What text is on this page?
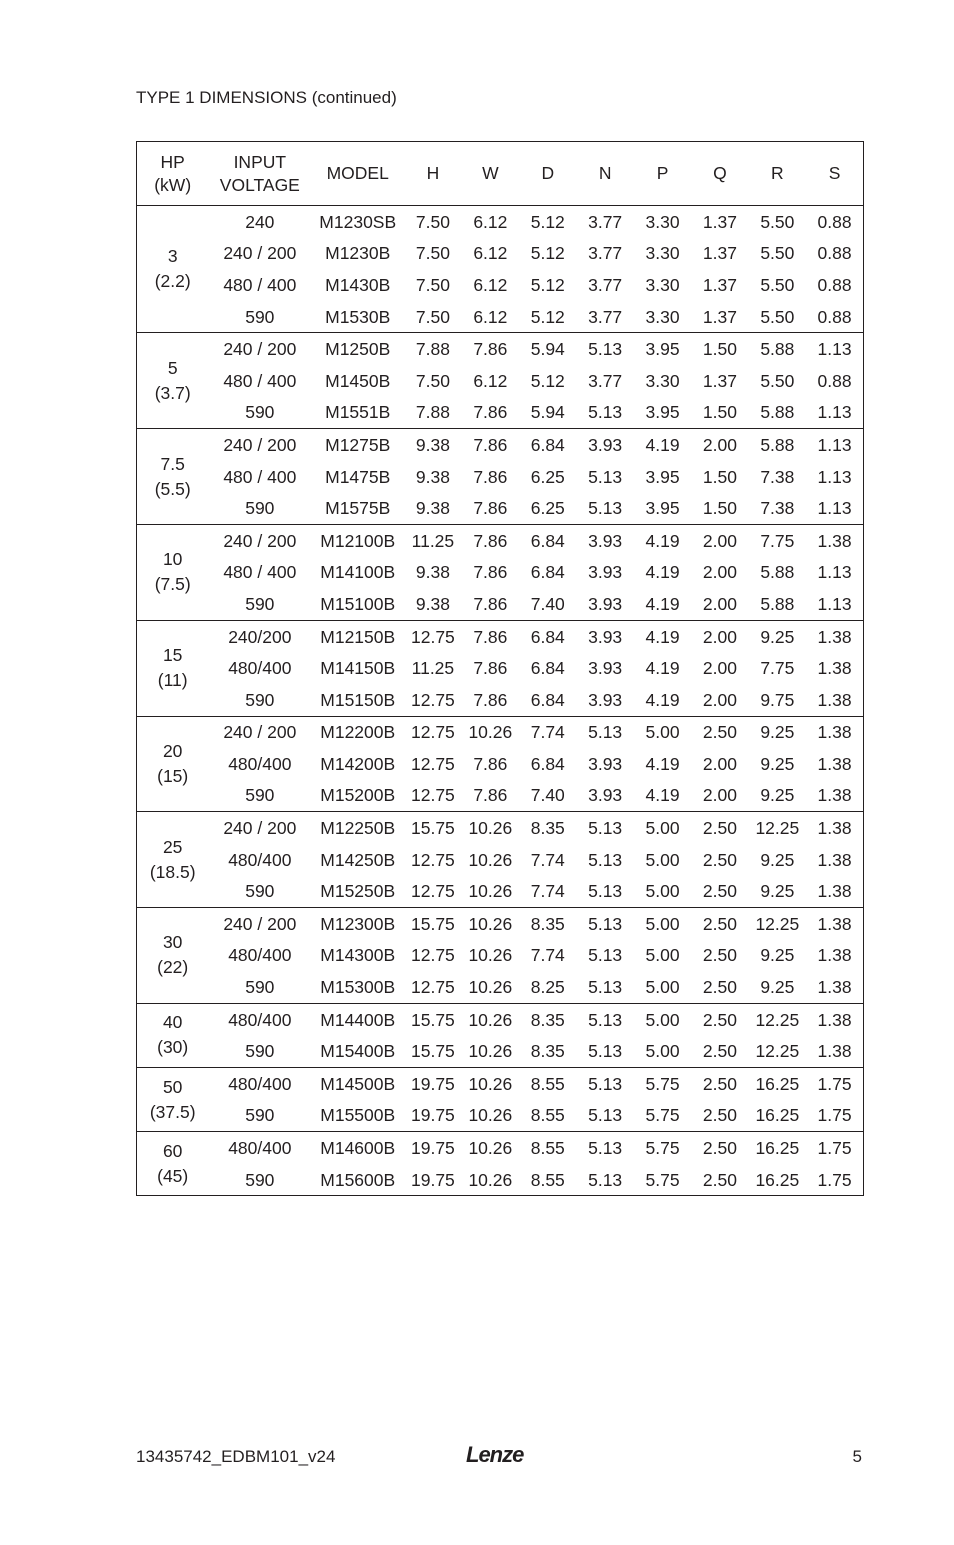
TYPE 1 DIMENSIONS (continued)
HP
(kW)	INPUT
VOLTAGE	MODEL	H	W	D	N	P	Q	R	S
3
(2.2)	240	M1230SB	7.50	6.12	5.12	3.77	3.30	1.37	5.50	0.88
	240 / 200	M1230B	7.50	6.12	5.12	3.77	3.30	1.37	5.50	0.88
	480 / 400	M1430B	7.50	6.12	5.12	3.77	3.30	1.37	5.50	0.88
	590	M1530B	7.50	6.12	5.12	3.77	3.30	1.37	5.50	0.88
5
(3.7)	240 / 200	M1250B	7.88	7.86	5.94	5.13	3.95	1.50	5.88	1.13
	480 / 400	M1450B	7.50	6.12	5.12	3.77	3.30	1.37	5.50	0.88
	590	M1551B	7.88	7.86	5.94	5.13	3.95	1.50	5.88	1.13
7.5
(5.5)	240 / 200	M1275B	9.38	7.86	6.84	3.93	4.19	2.00	5.88	1.13
	480 / 400	M1475B	9.38	7.86	6.25	5.13	3.95	1.50	7.38	1.13
	590	M1575B	9.38	7.86	6.25	5.13	3.95	1.50	7.38	1.13
10
(7.5)	240 / 200	M12100B	11.25	7.86	6.84	3.93	4.19	2.00	7.75	1.38
	480 / 400	M14100B	9.38	7.86	6.84	3.93	4.19	2.00	5.88	1.13
	590	M15100B	9.38	7.86	7.40	3.93	4.19	2.00	5.88	1.13
15
(11)	240/200	M12150B	12.75	7.86	6.84	3.93	4.19	2.00	9.25	1.38
	480/400	M14150B	11.25	7.86	6.84	3.93	4.19	2.00	7.75	1.38
	590	M15150B	12.75	7.86	6.84	3.93	4.19	2.00	9.75	1.38
20
(15)	240 / 200	M12200B	12.75	10.26	7.74	5.13	5.00	2.50	9.25	1.38
	480/400	M14200B	12.75	7.86	6.84	3.93	4.19	2.00	9.25	1.38
	590	M15200B	12.75	7.86	7.40	3.93	4.19	2.00	9.25	1.38
25
(18.5)	240 / 200	M12250B	15.75	10.26	8.35	5.13	5.00	2.50	12.25	1.38
	480/400	M14250B	12.75	10.26	7.74	5.13	5.00	2.50	9.25	1.38
	590	M15250B	12.75	10.26	7.74	5.13	5.00	2.50	9.25	1.38
30
(22)	240 / 200	M12300B	15.75	10.26	8.35	5.13	5.00	2.50	12.25	1.38
	480/400	M14300B	12.75	10.26	7.74	5.13	5.00	2.50	9.25	1.38
	590	M15300B	12.75	10.26	8.25	5.13	5.00	2.50	9.25	1.38
40
(30)	480/400	M14400B	15.75	10.26	8.35	5.13	5.00	2.50	12.25	1.38
	590	M15400B	15.75	10.26	8.35	5.13	5.00	2.50	12.25	1.38
50
(37.5)	480/400	M14500B	19.75	10.26	8.55	5.13	5.75	2.50	16.25	1.75
	590	M15500B	19.75	10.26	8.55	5.13	5.75	2.50	16.25	1.75
60
(45)	480/400	M14600B	19.75	10.26	8.55	5.13	5.75	2.50	16.25	1.75
	590	M15600B	19.75	10.26	8.55	5.13	5.75	2.50	16.25	1.75
13435742_EDBM101_v24	Lenze	5
